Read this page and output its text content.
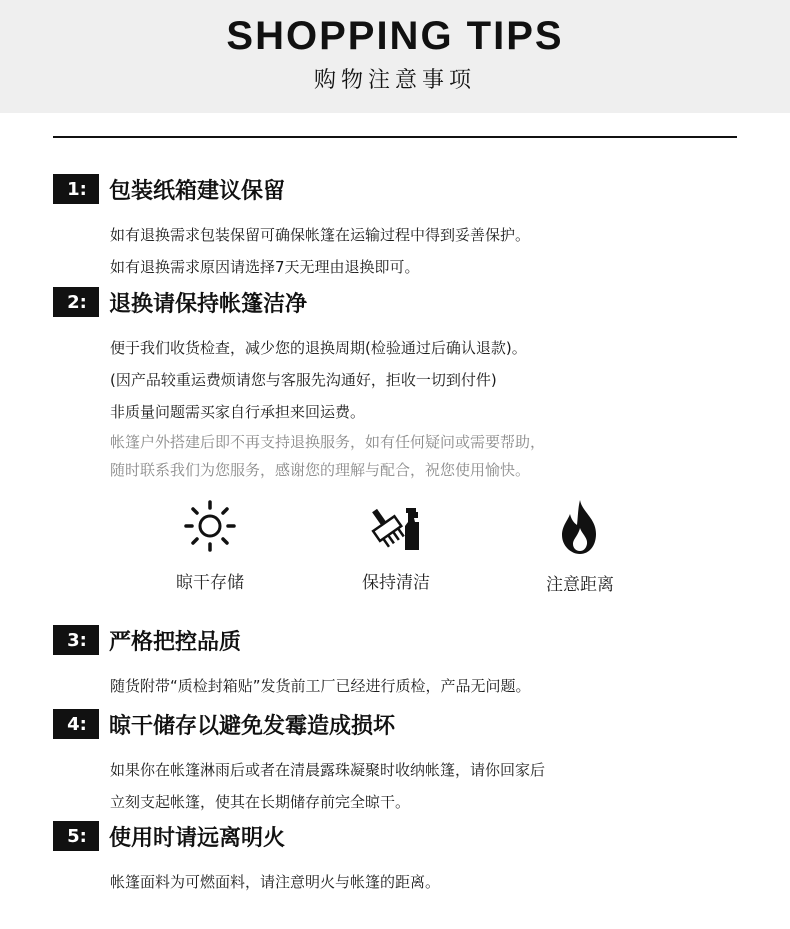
SHOPPING TIPS
购物注意事项
1:	包装纸箱建议保留
如有退换需求包装保留可确保帐篷在运输过程中得到妥善保护。
如有退换需求原因请选择7天无理由退换即可。
2:	退换请保持帐篷洁净
便于我们收货检查，减少您的退换周期(检验通过后确认退款)。
(因产品较重运费烦请您与客服先沟通好，拒收一切到付件)
非质量问题需买家自行承担来回运费。
帐篷户外搭建后即不再支持退换服务，如有任何疑问或需要帮助，
随时联系我们为您服务，感谢您的理解与配合，祝您使用愉快。
晾干存储	保持清洁	注意距离
3:	严格把控品质
随货附带“质检封箱贴”发货前工厂已经进行质检，产品无问题。
4:	晾干储存以避免发霉造成损坏
如果你在帐篷淋雨后或者在清晨露珠凝聚时收纳帐篷，请你回家后
立刻支起帐篷，使其在长期储存前完全晾干。
5:	使用时请远离明火
帐篷面料为可燃面料，请注意明火与帐篷的距离。
